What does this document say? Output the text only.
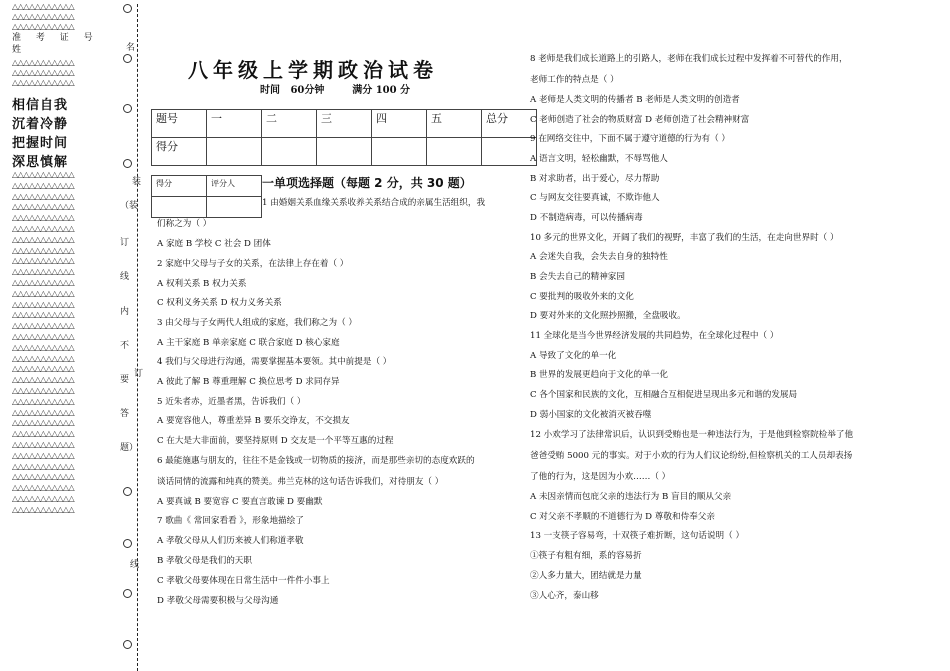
△△△△△△△△△△△
△△△△△△△△△△△
△△△△△△△△△△△
准 考 证 号
姓
△△△△△△△△△△△
△△△△△△△△△△△
△△△△△△△△△△△
相信自我
沉着冷静
把握时间
深思慎解
△△△△△△△△△△△
△△△△△△△△△△△
△△△△△△△△△△△
△△△△△△△△△△△
△△△△△△△△△△△
△△△△△△△△△△△
△△△△△△△△△△△
△△△△△△△△△△△
△△△△△△△△△△△
△△△△△△△△△△△
△△△△△△△△△△△
△△△△△△△△△△△
△△△△△△△△△△△
△△△△△△△△△△△
△△△△△△△△△△△
△△△△△△△△△△△
△△△△△△△△△△△
△△△△△△△△△△△
△△△△△△△△△△△
△△△△△△△△△△△
△△△△△△△△△△△
△△△△△△△△△△△
△△△△△△△△△△△
△△△△△△△△△△△
△△△△△△△△△△△
△△△△△△△△△△△
△△△△△△△△△△△
△△△△△△△△△△△
△△△△△△△△△△△
△△△△△△△△△△△
△△△△△△△△△△△
△△△△△△△△△△△
名
装
（装
订
线
内
不
订
要
答
题）
线
八年级上学期政治试卷
时间   60分钟        满分 100 分
题号	一	二	三	四	五	总分
得分						
得分	评分人
	一单项选择题（每题 2 分，共 30 题）
1 由婚姻关系血缘关系收养关系结合成的亲属生活组织，我
们称之为（ ）
A 家庭 B 学校 C 社会 D 团体
2 家庭中父母与子女的关系，在法律上存在着（ ）
A 权利关系 B 权力关系
C 权利义务关系 D 权力义务关系
3 由父母与子女两代人组成的家庭，我们称之为（ ）
A 主干家庭 B 单亲家庭 C 联合家庭 D 核心家庭
4 我们与父母进行沟通，需要掌握基本要领。其中前提是（ ）
A 彼此了解 B 尊重理解 C 换位思考 D 求同存异
5 近朱者赤，近墨者黑，告诉我们（ ）
A 要宽容他人，尊重差异 B 要乐交诤友，不交损友
C 在大是大非面前，要坚持原则 D 交友是一个平等互惠的过程
6 最能施惠与朋友的，往往不是金钱或一切物质的接济，而是那些亲切的态度欢跃的
谈话同情的流露和纯真的赞美。弗兰克林的这句话告诉我们，对待朋友（ ）
A 要真诚 B 要宽容 C 要直言敢谏 D 要幽默
7 歌曲《 常回家看看 》，形象地描绘了
A 孝敬父母从人们历来被人们称道孝敬
B 孝敬父母是我们的天职
C 孝敬父母要体现在日常生活中一件件小事上
D 孝敬父母需要积极与父母沟通
8 老师是我们成长道路上的引路人，老师在我们成长过程中发挥着不可替代的作用，
老师工作的特点是（ ）
A 老师是人类文明的传播者 B 老师是人类文明的创造者
C 老师创造了社会的物质财富 D 老师创造了社会精神财富
9 在网络交往中，下面不属于遵守道德的行为有（ ）
A 语言文明，轻松幽默，不辱骂他人
B 对求助者，出于爱心，尽力帮助
C 与网友交往要真诚，不欺诈他人
D 不制造病毒，可以传播病毒
10 多元的世界文化，开阔了我们的视野，丰富了我们的生活，在走向世界时（ ）
A 会迷失自我，会失去自身的独特性
B 会失去自己的精神家园
C 要批判的吸收外来的文化
D 要对外来的文化照抄照搬，全盘吸收。
11 全球化是当今世界经济发展的共同趋势，在全球化过程中（ ）
A 导致了文化的单一化
B 世界的发展更趋向于文化的单一化
C 各个国家和民族的文化，互相融合互相促进呈现出多元和谐的发展局
D 弱小国家的文化被消灭被吞噬
12 小欢学习了法律常识后，认识到受贿也是一种违法行为，于是他到检察院检举了他
爸爸受贿 5000 元的事实。对于小欢的行为人们议论纷纷,但检察机关的工人员却表扬
了他的行为，这是因为小欢……（ ）
A 未因亲情而包庇父亲的违法行为 B 盲目的顺从父亲
C 对父亲不孝顺的不道德行为 D 尊敬和侍奉父亲
13 一支筷子容易弯，十双筷子难折断，这句话说明（ ）
①筷子有粗有细，系的容易折
②人多力量大，团结就是力量
③人心齐，泰山移
